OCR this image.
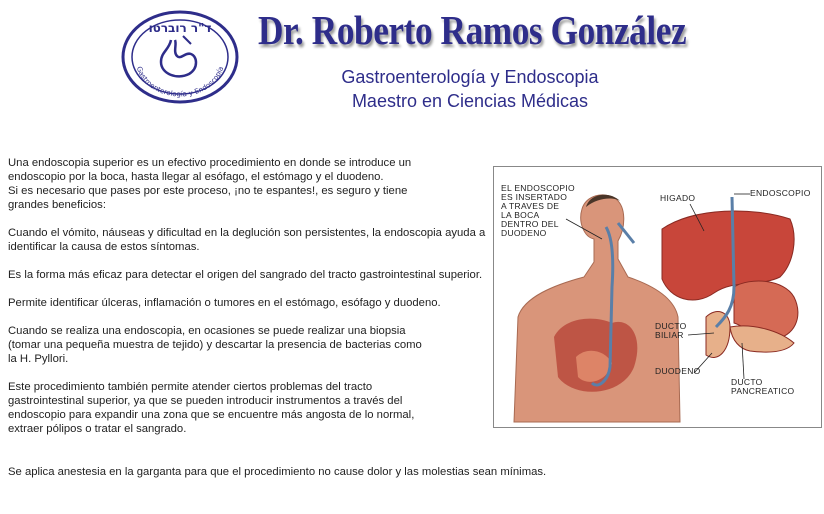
ד"ר רוברטו
Gastroenterología y Endoscopía
Dr. Roberto Ramos González
Gastroenterología y Endoscopia
Maestro en Ciencias Médicas

Una endoscopia superior es un efectivo procedimiento en donde se introduce un
endoscopio por la boca, hasta llegar al esófago, el estómago y el duodeno.
Si es necesario que pases por este proceso, ¡no te espantes!, es seguro y tiene
grandes beneficios:

Cuando el vómito, náuseas y dificultad en la deglución son persistentes, la endoscopia ayuda a identificar la causa de estos síntomas.

Es la forma más eficaz para detectar el origen del sangrado del tracto gastrointestinal superior.

Permite identificar úlceras, inflamación o tumores en el estómago, esófago y duodeno.

Cuando se realiza una endoscopia, en ocasiones se puede realizar una biopsia
(tomar una pequeña muestra de tejido) y descartar la presencia de bacterias como
la H. Pyllori.

Este procedimiento también permite atender ciertos problemas del tracto
gastrointestinal superior, ya que se pueden introducir instrumentos a través del
endoscopio para expandir una zona que se encuentre más angosta de lo normal,
extraer pólipos o tratar el sangrado.

Se aplica anestesia en la garganta para que el procedimiento no cause dolor y las molestias sean mínimas.
EL ENDOSCOPIO
ES INSERTADO
A TRAVES DE
LA BOCA
DENTRO DEL
DUODENO
HIGADO	ENDOSCOPIO
DUCTO
BILIAR
DUODENO
DUCTO
PANCREATICO
